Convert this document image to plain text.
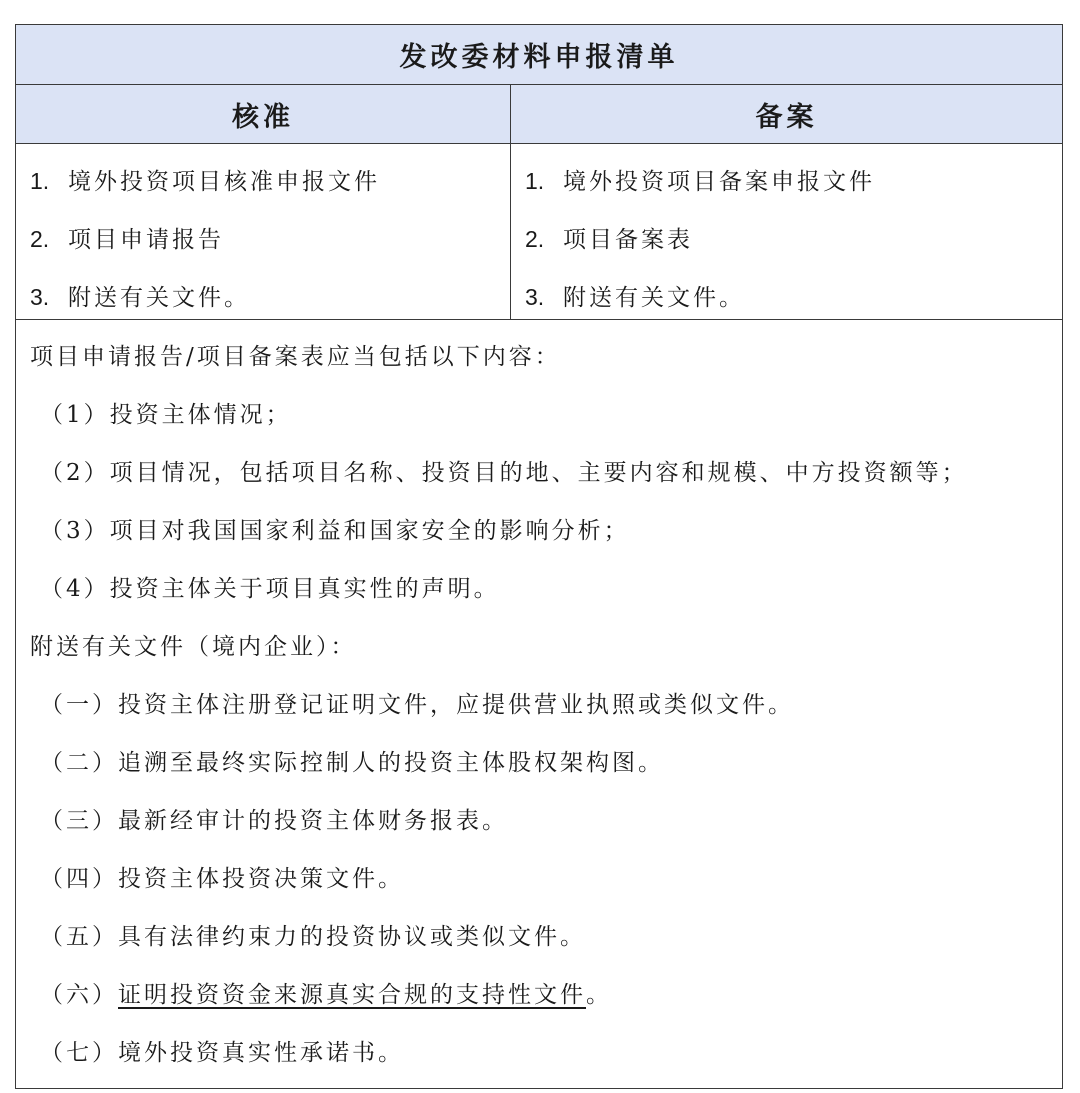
发改委材料申报清单
核准	备案
1. 境外投资项目核准申报文件
2. 项目申请报告
3. 附送有关文件。
1. 境外投资项目备案申报文件
2. 项目备案表
3. 附送有关文件。
项目申请报告/项目备案表应当包括以下内容：
（1）投资主体情况；
（2）项目情况，包括项目名称、投资目的地、主要内容和规模、中方投资额等；
（3）项目对我国国家利益和国家安全的影响分析；
（4）投资主体关于项目真实性的声明。
附送有关文件（境内企业）：
（一）投资主体注册登记证明文件，应提供营业执照或类似文件。
（二）追溯至最终实际控制人的投资主体股权架构图。
（三）最新经审计的投资主体财务报表。
（四）投资主体投资决策文件。
（五）具有法律约束力的投资协议或类似文件。
（六）证明投资资金来源真实合规的支持性文件。
（七）境外投资真实性承诺书。
